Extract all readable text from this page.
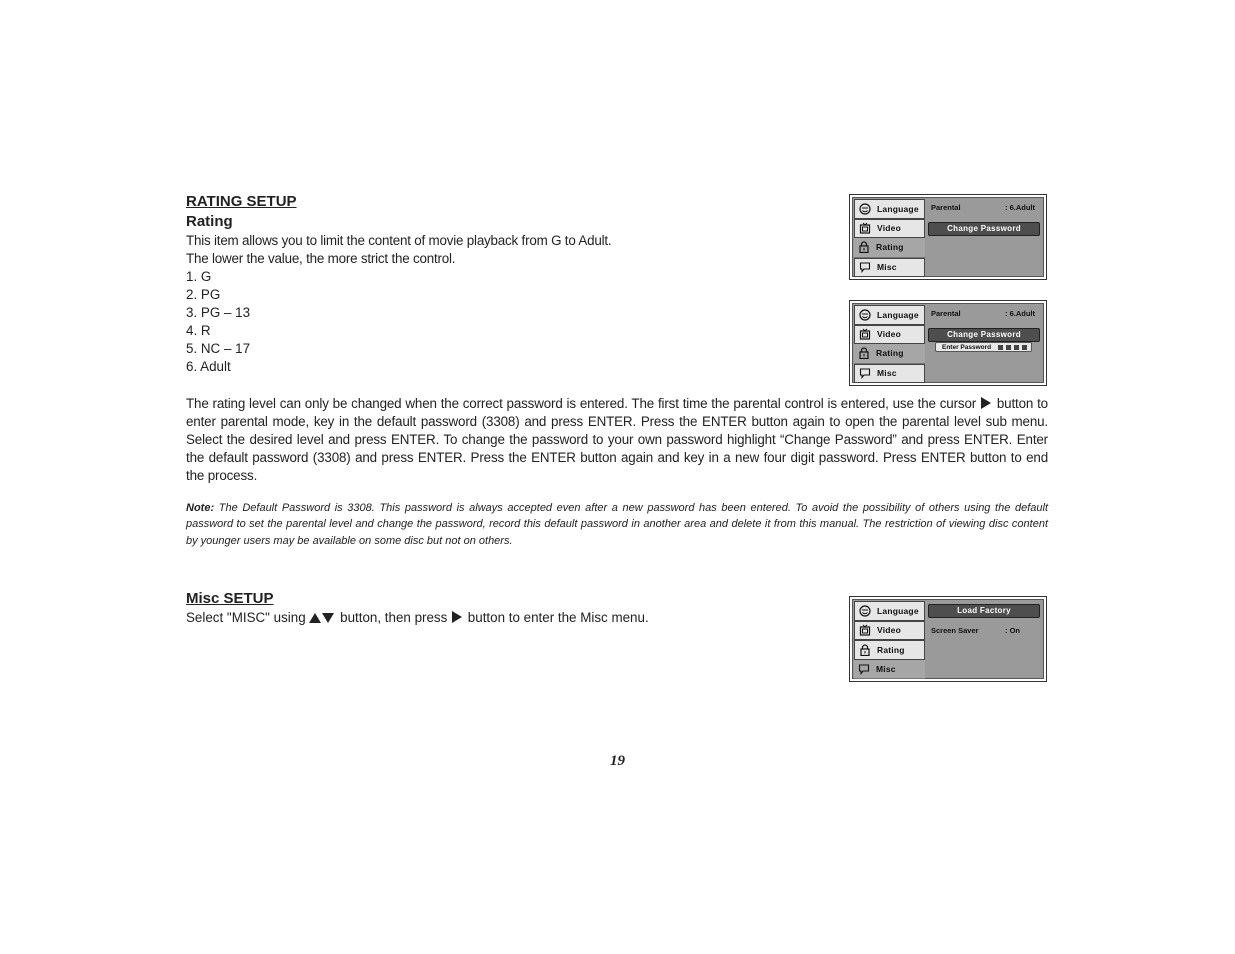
RATING SETUP
Rating

This item allows you to limit the content of movie playback from G to Adult.
The lower the value, the more strict the control.

1. G
2. PG
3. PG – 13
4. R
5. NC – 17
6. Adult

The rating level can only be changed when the correct password is entered. The first time the parental control is entered, use the cursor button to enter parental mode, key in the default password (3308) and press ENTER. Press the ENTER button again to open the parental level sub menu. Select the desired level and press ENTER. To change the password to your own password highlight “Change Password” and press ENTER. Enter the default password (3308) and press ENTER. Press the ENTER button again and key in a new four digit password. Press ENTER button to end the process.

Note: The Default Password is 3308. This password is always accepted even after a new password has been entered. To avoid the possibility of others using the default password to set the parental level and change the password, record this default password in another area and delete it from this manual. The restriction of viewing disc content by younger users may be available on some disc but not on others.

Misc SETUP

Select "MISC" using	button, then press button to enter the Misc menu.

Language
Video
Rating
Misc
Parental	: 6.Adult
Change Password
Language
Video
Rating
Misc
Parental	: 6.Adult
Change Password
Enter Password
Language
Video
Rating
Misc
Load Factory
Screen Saver	: On
19
